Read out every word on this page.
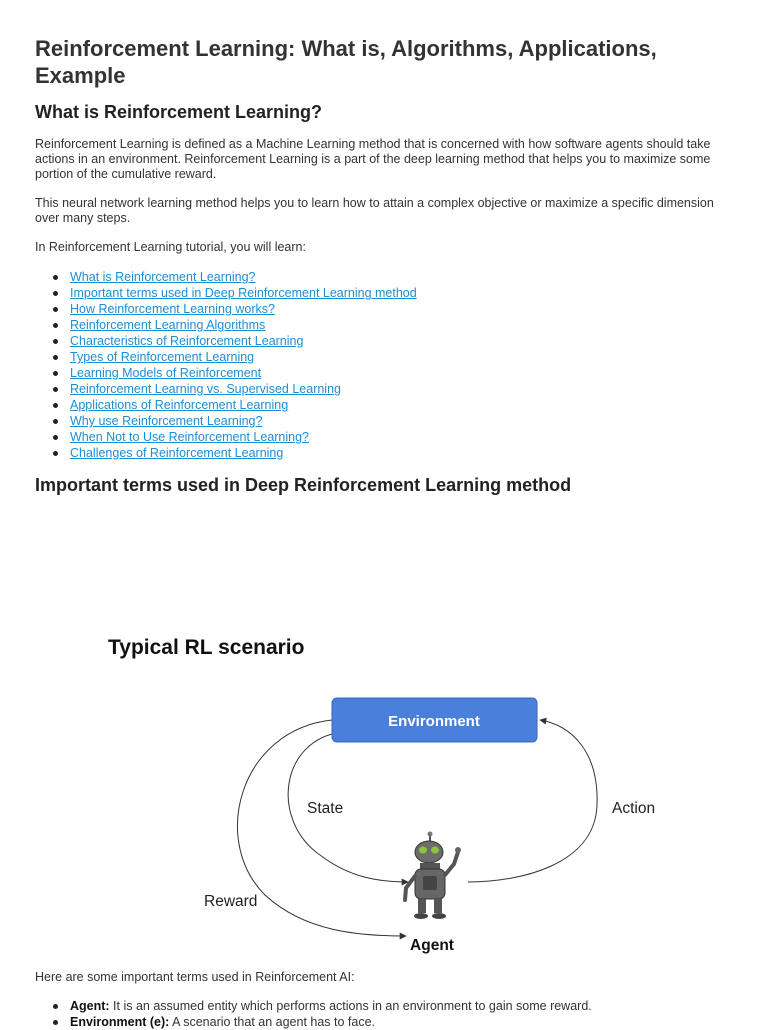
Reinforcement Learning: What is, Algorithms, Applications, Example
What is Reinforcement Learning?

Reinforcement Learning is defined as a Machine Learning method that is concerned with how software agents should take actions in an environment. Reinforcement Learning is a part of the deep learning method that helps you to maximize some portion of the cumulative reward.

This neural network learning method helps you to learn how to attain a complex objective or maximize a specific dimension over many steps.

In Reinforcement Learning tutorial, you will learn:

What is Reinforcement Learning?
Important terms used in Deep Reinforcement Learning method
How Reinforcement Learning works?
Reinforcement Learning Algorithms
Characteristics of Reinforcement Learning
Types of Reinforcement Learning
Learning Models of Reinforcement
Reinforcement Learning vs. Supervised Learning
Applications of Reinforcement Learning
Why use Reinforcement Learning?
When Not to Use Reinforcement Learning?
Challenges of Reinforcement Learning
Important terms used in Deep Reinforcement Learning method

Here are some important terms used in Reinforcement AI:

Agent: It is an assumed entity which performs actions in an environment to gain some reward.
Environment (e): A scenario that an agent has to face.
Typical RL scenario
Environment
State	Action
Reward
Agent
